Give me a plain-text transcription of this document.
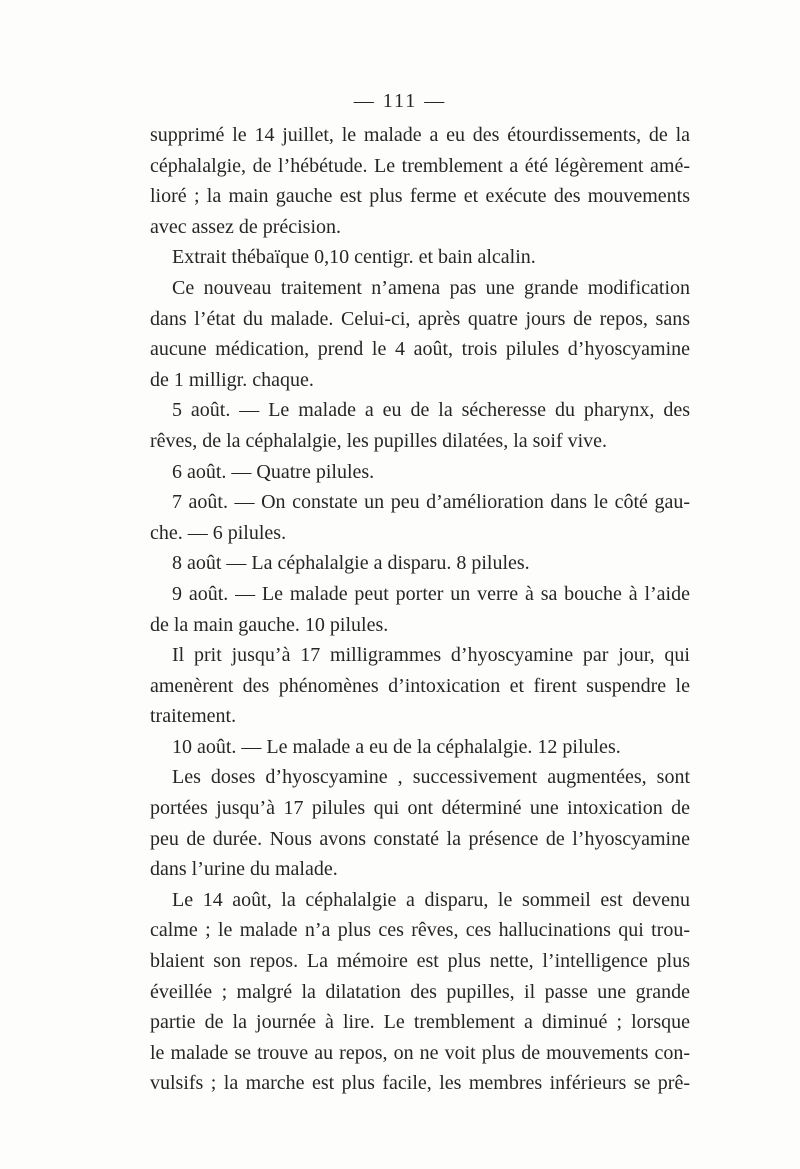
— 111 —
supprimé le 14 juillet, le malade a eu des étourdissements, de la
céphalalgie, de l’hébétude. Le tremblement a été légèrement amé-
lioré ; la main gauche est plus ferme et exécute des mouvements
avec assez de précision.
Extrait thébaïque 0,10 centigr. et bain alcalin.
Ce nouveau traitement n’amena pas une grande modification
dans l’état du malade. Celui-ci, après quatre jours de repos, sans
aucune médication, prend le 4 août, trois pilules d’hyoscyamine
de 1 milligr. chaque.
5 août. — Le malade a eu de la sécheresse du pharynx, des
rêves, de la céphalalgie, les pupilles dilatées, la soif vive.
6 août. — Quatre pilules.
7 août. — On constate un peu d’amélioration dans le côté gau-
che. — 6 pilules.
8 août — La céphalalgie a disparu. 8 pilules.
9 août. — Le malade peut porter un verre à sa bouche à l’aide
de la main gauche. 10 pilules.
Il prit jusqu’à 17 milligrammes d’hyoscyamine par jour, qui
amenèrent des phénomènes d’intoxication et firent suspendre le
traitement.
10 août. — Le malade a eu de la céphalalgie. 12 pilules.
Les doses d’hyoscyamine , successivement augmentées, sont
portées jusqu’à 17 pilules qui ont déterminé une intoxication de
peu de durée. Nous avons constaté la présence de l’hyoscyamine
dans l’urine du malade.
Le 14 août, la céphalalgie a disparu, le sommeil est devenu
calme ; le malade n’a plus ces rêves, ces hallucinations qui trou-
blaient son repos. La mémoire est plus nette, l’intelligence plus
éveillée ; malgré la dilatation des pupilles, il passe une grande
partie de la journée à lire. Le tremblement a diminué ; lorsque
le malade se trouve au repos, on ne voit plus de mouvements con-
vulsifs ; la marche est plus facile, les membres inférieurs se prê-
